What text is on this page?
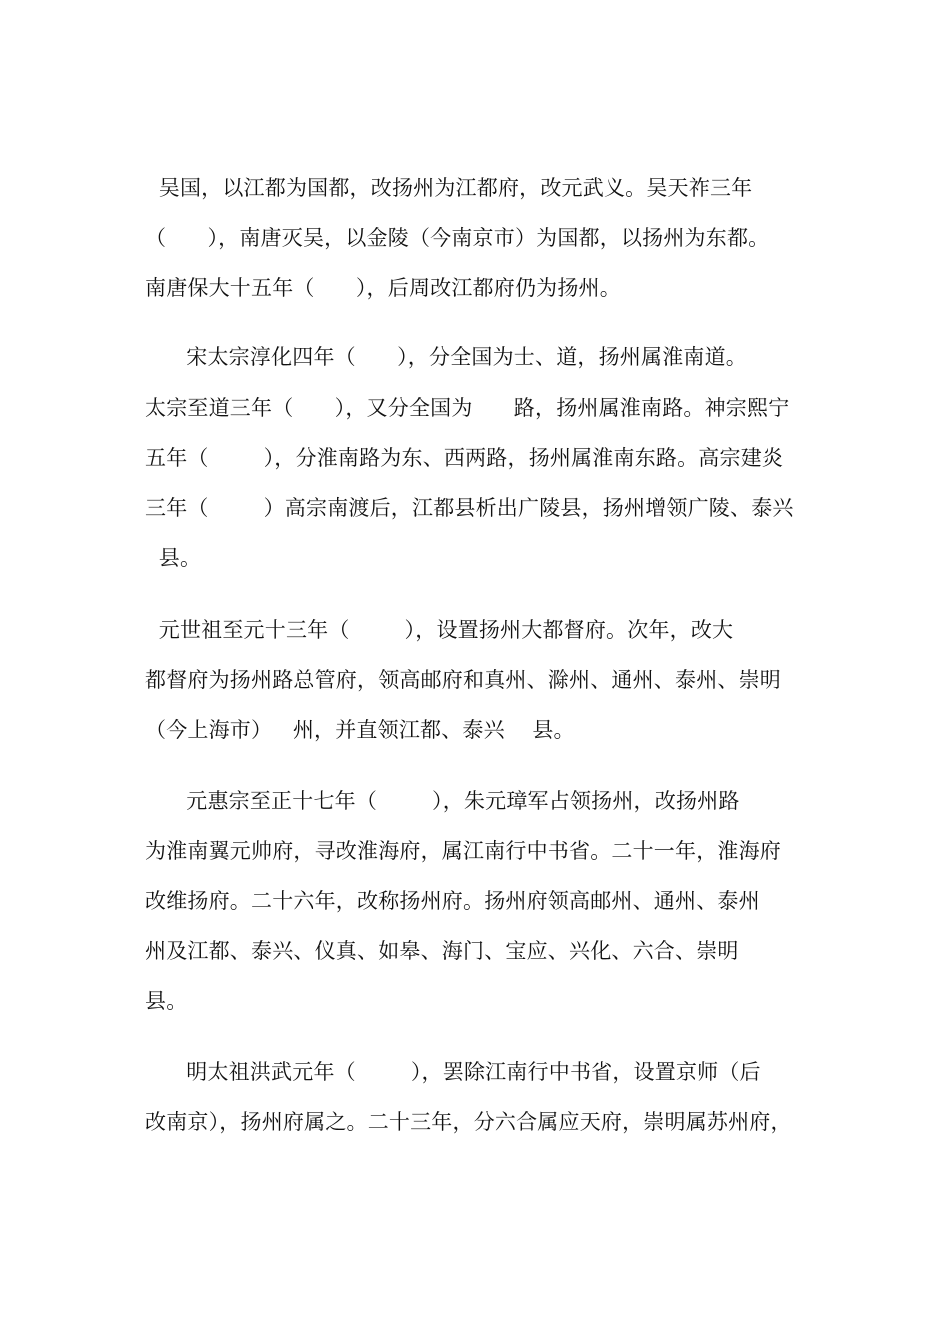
吴国，以江都为国都，改扬州为江都府，改元武义。吴天祚三年
（      ），南唐灭吴，以金陵（今南京市）为国都，以扬州为东都。
南唐保大十五年（      ），后周改江都府仍为扬州。
宋太宗淳化四年（      ），分全国为士、道，扬州属淮南道。
太宗至道三年（      ），又分全国为      路，扬州属淮南路。神宗熙宁
五年（        ），分淮南路为东、西两路，扬州属淮南东路。高宗建炎
三年（        ）高宗南渡后，江都县析出广陵县，扬州增领广陵、泰兴
县。
元世祖至元十三年（        ），设置扬州大都督府。次年，改大
都督府为扬州路总管府，领高邮府和真州、滁州、通州、泰州、崇明
（今上海市）   州，并直领江都、泰兴    县。
元惠宗至正十七年（        ），朱元璋军占领扬州，改扬州路
为淮南翼元帅府，寻改淮海府，属江南行中书省。二十一年，淮海府
改维扬府。二十六年，改称扬州府。扬州府领高邮州、通州、泰州
州及江都、泰兴、仪真、如皋、海门、宝应、兴化、六合、崇明
县。
明太祖洪武元年（        ），罢除江南行中书省，设置京师（后
改南京），扬州府属之。二十三年，分六合属应天府，崇明属苏州府，
